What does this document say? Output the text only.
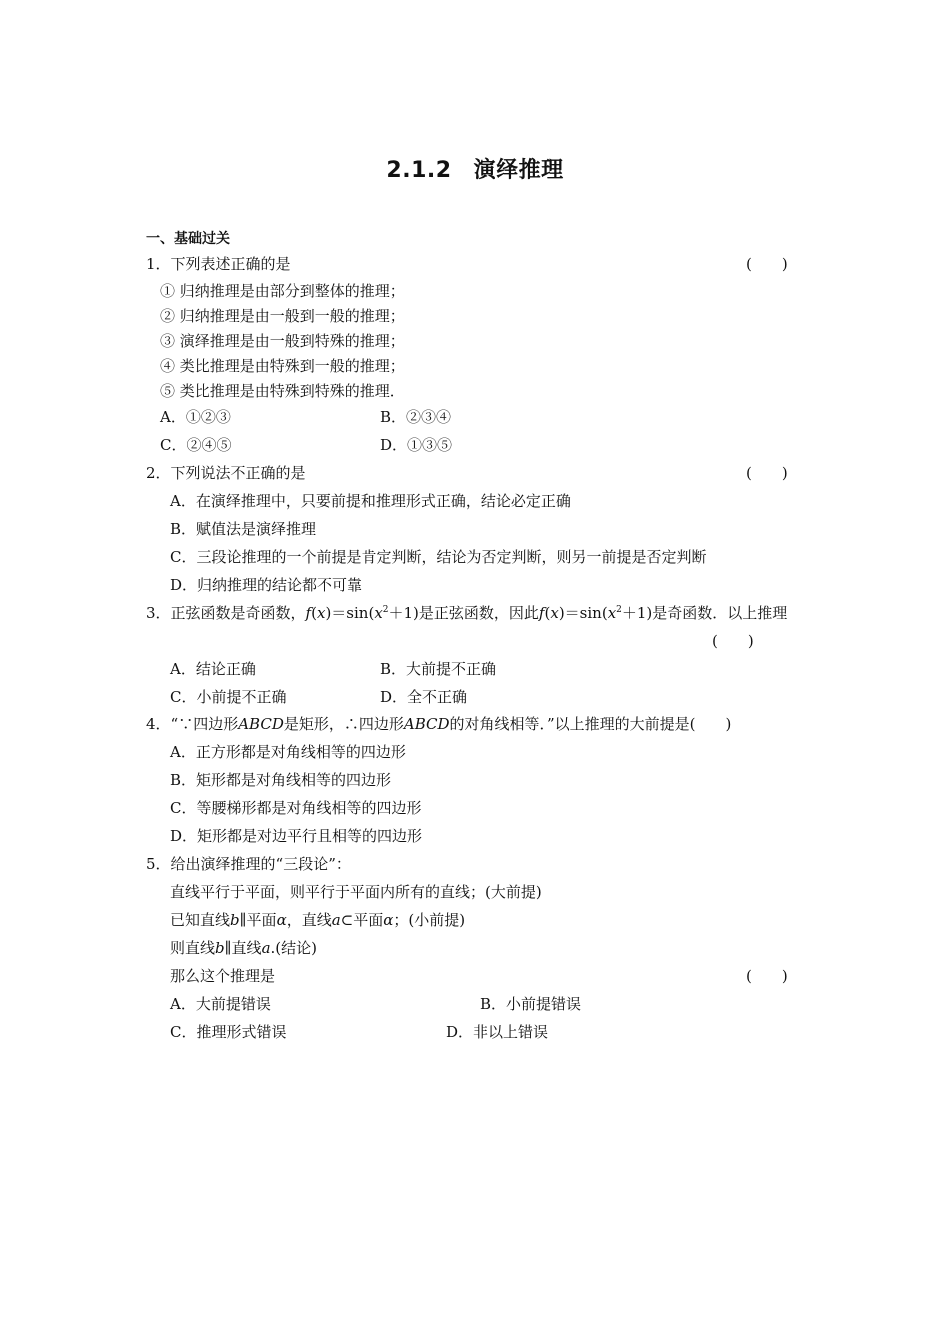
2.1.2 演绎推理
一、基础过关
1．下列表述正确的是	(　　)
① 归纳推理是由部分到整体的推理；
② 归纳推理是由一般到一般的推理；
③ 演绎推理是由一般到特殊的推理；
④ 类比推理是由特殊到一般的推理；
⑤ 类比推理是由特殊到特殊的推理．
A．①②③	B．②③④
C．②④⑤	D．①③⑤
2．下列说法不正确的是	(　　)
A．在演绎推理中，只要前提和推理形式正确，结论必定正确
B．赋值法是演绎推理
C．三段论推理的一个前提是肯定判断，结论为否定判断，则另一前提是否定判断
D．归纳推理的结论都不可靠
3．正弦函数是奇函数，$f(x)=\sin(x^2+1)$是正弦函数，因此$f(x)=\sin(x^2+1)$是奇函数．以上推理
(　　)
A．结论正确	B．大前提不正确
C．小前提不正确	D．全不正确
4．“∵四边形ABCD是矩形，∴四边形ABCD的对角线相等．”以上推理的大前提是(　　)
A．正方形都是对角线相等的四边形
B．矩形都是对角线相等的四边形
C．等腰梯形都是对角线相等的四边形
D．矩形都是对边平行且相等的四边形
5．给出演绎推理的“三段论”：
直线平行于平面，则平行于平面内所有的直线；(大前提)
已知直线b∥平面α，直线a⊂平面α；(小前提)
则直线b∥直线a.(结论)
那么这个推理是	(　　)
A．大前提错误	B．小前提错误
C．推理形式错误	D．非以上错误
